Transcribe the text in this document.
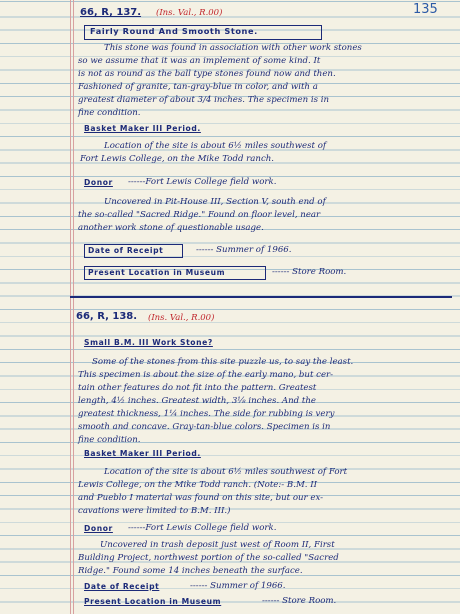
135
66, R, 137. (Ins. Val., R.00)
Fairly Round And Smooth Stone.
This stone was found in association with other work stones
so we assume that it was an implement of some kind. It
is not as round as the ball type stones found now and then.
Fashioned of granite, tan-gray-blue in color, and with a
greatest diameter of about 3/4 inches. The specimen is in
fine condition.
Basket Maker III Period.
Location of the site is about 6½ miles southwest of
Fort Lewis College, on the Mike Todd ranch.
Donor ------Fort Lewis College field work.
Uncovered in Pit-House III, Section V, south end of
the so-called "Sacred Ridge." Found on floor level, near
another work stone of questionable usage.
Date of Receipt	------ Summer of 1966.
Present Location in Museum	------ Store Room.
66, R, 138. (Ins. Val., R.00)
Small B.M. III Work Stone?
Some of the stones from this site puzzle us, to say the least.
This specimen is about the size of the early mano, but cer-
tain other features do not fit into the pattern. Greatest
length, 4½ inches. Greatest width, 3⅛ inches. And the
greatest thickness, 1¼ inches. The side for rubbing is very
smooth and concave. Gray-tan-blue colors. Specimen is in
fine condition.
Basket Maker III Period.
Location of the site is about 6½ miles southwest of Fort
Lewis College, on the Mike Todd ranch. (Note:- B.M. II
and Pueblo I material was found on this site, but our ex-
cavations were limited to B.M. III.)
Donor ------Fort Lewis College field work.
Uncovered in trash deposit just west of Room II, First
Building Project, northwest portion of the so-called "Sacred
Ridge." Found some 14 inches beneath the surface.
Date of Receipt	------ Summer of 1966.
Present Location in Museum	------ Store Room.
